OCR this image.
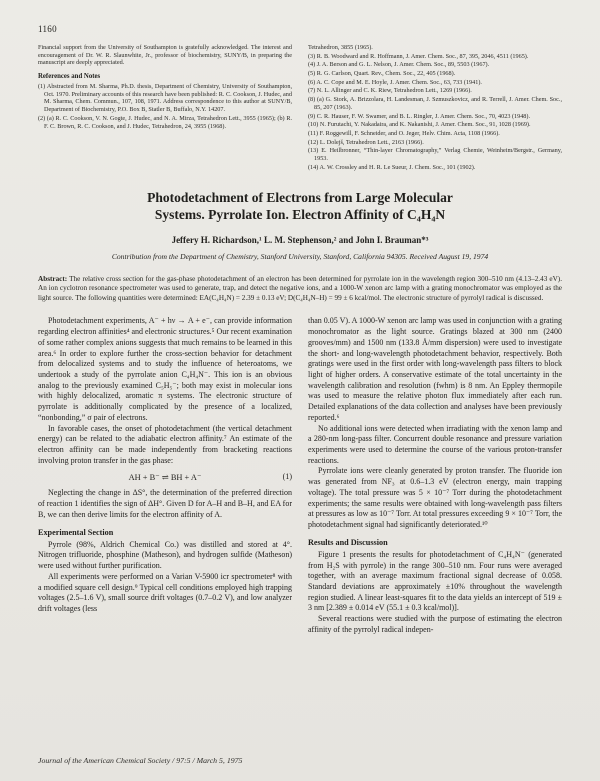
1160
Financial support from the University of Southampton is gratefully acknowledged. The interest and encouragement of Dr. W. R. Slaunwhite, Jr., professor of biochemistry, SUNY/B, in preparing the manuscript are deeply appreciated.
References and Notes
(1) Abstracted from M. Sharma, Ph.D. thesis, Department of Chemistry, University of Southampton, Oct. 1970. Preliminary accounts of this research have been published: R. C. Cookson, J. Hudec, and M. Sharma, Chem. Commun., 107, 108, 1971. Address correspondence to this author at SUNY/B, Department of Biochemistry, P.O. Box B, Statler B, Buffalo, N.Y. 14207.
(2) (a) R. C. Cookson, V. N. Gogte, J. Hudec, and N. A. Mirza, Tetrahedron Lett., 3955 (1965); (b) R. F. C. Brown, R. C. Cookson, and J. Hudec, Tetrahedron, 24, 3955 (1968).
Tetrahedron, 3855 (1965).
(3) R. B. Woodward and R. Hoffmann, J. Amer. Chem. Soc., 87, 395, 2046, 4511 (1965).
(4) J. A. Berson and G. L. Nelson, J. Amer. Chem. Soc., 89, 5503 (1967).
(5) R. G. Carlson, Quart. Rev., Chem. Soc., 22, 405 (1968).
(6) A. C. Cope and M. E. Hoyle, J. Amer. Chem. Soc., 63, 733 (1941).
(7) N. L. Allinger and C. K. Riew, Tetrahedron Lett., 1269 (1966).
(8) (a) G. Stork, A. Brizzolara, H. Landesman, J. Szmuszkovicz, and R. Terrell, J. Amer. Chem. Soc., 85, 207 (1963).
(9) C. R. Hauser, F. W. Swamer, and B. L. Ringler, J. Amer. Chem. Soc., 70, 4023 (1948).
(10) N. Furutachi, Y. Nakadaira, and K. Nakanishi, J. Amer. Chem. Soc., 91, 1028 (1969).
(11) F. Roggewill, F. Schneider, and O. Jeger, Helv. Chim. Acta, 1108 (1966).
(12) L. Dolejš, Tetrahedron Lett., 2163 (1966).
(13) E. Heilbronner, “Thin-layer Chromatography,” Verlag Chemie, Weinheim/Bergstr., Germany, 1953.
(14) A. W. Crossley and H. R. Le Sueur, J. Chem. Soc., 101 (1902).
Photodetachment of Electrons from Large Molecular
Systems. Pyrrolate Ion. Electron Affinity of C₄H₄N
Jeffery H. Richardson,¹ L. M. Stephenson,² and John I. Brauman*³
Contribution from the Department of Chemistry, Stanford University, Stanford, California 94305. Received August 19, 1974
Abstract: The relative cross section for the gas-phase photodetachment of an electron has been determined for pyrrolate ion in the wavelength region 300–510 nm (4.13–2.43 eV). An ion cyclotron resonance spectrometer was used to generate, trap, and detect the negative ions, and a 1000-W xenon arc lamp with a grating monochromator was employed as the light source. The following quantities were determined: EA(C₄H₄N) = 2.39 ± 0.13 eV; D(C₄H₄N–H) = 99 ± 6 kcal/mol. The electronic structure of pyrrolyl radical is discussed.

Photodetachment experiments, A⁻ + hν → A + e⁻, can provide information regarding electron affinities⁴ and electronic structures.⁵ Our recent examination of some rather complex anions suggests that much remains to be learned in this area.⁶ In order to explore further the cross-section behavior for detachment from delocalized systems and to study the influence of heteroatoms, we undertook a study of the pyrrolate anion C₄H₄N⁻. This ion is an obvious analog to the previously examined C₅H₅⁻; both may exist in molecular ions with highly delocalized, aromatic π systems. The electronic structure of pyrrolate is additionally complicated by the presence of a localized, “nonbonding,” σ pair of electrons.

In favorable cases, the onset of photodetachment (the vertical detachment energy) can be related to the adiabatic electron affinity.⁷ An estimate of the electron affinity can be made independently from bracketing reactions involving proton transfer in the gas phase:

AH + B⁻ ⇌ BH + A⁻	(1)

Neglecting the change in ΔS°, the determination of the preferred direction of reaction 1 identifies the sign of ΔH°. Given D for A–H and B–H, and EA for B, we can then derive limits for the electron affinity of A.

Experimental Section

Pyrrole (98%, Aldrich Chemical Co.) was distilled and stored at 4°. Nitrogen trifluoride, phosphine (Matheson), and hydrogen sulfide (Matheson) were used without further purification.

All experiments were performed on a Varian V-5900 icr spectrometer⁸ with a modified square cell design.⁹ Typical cell conditions employed high trapping voltages (2.5–1.6 V), small source drift voltages (0.7–0.2 V), and low analyzer drift voltages (less

than 0.05 V). A 1000-W xenon arc lamp was used in conjunction with a grating monochromator as the light source. Gratings blazed at 300 nm (2400 grooves/mm) and 1500 nm (133.8 Å/mm dispersion) were used to investigate the short- and long-wavelength photodetachment behavior, respectively. Both gratings were used in the first order with long-wavelength pass filters to block light of higher orders. A conservative estimate of the total uncertainty in the wavelength calibration and resolution (fwhm) is 8 nm. An Eppley thermopile was used to measure the relative photon flux immediately after each run. Detailed explanations of the data collection and analyses have been previously reported.⁶

No additional ions were detected when irradiating with the xenon lamp and a 280-nm long-pass filter. Concurrent double resonance and pressure variation experiments were used to determine the course of the various proton-transfer reactions.

Pyrrolate ions were cleanly generated by proton transfer. The fluoride ion was generated from NF₃ at 0.6–1.3 eV (electron energy, main trapping voltage). The total pressure was 5 × 10⁻⁷ Torr during the photodetachment experiments; the same results were obtained with long-wavelength pass filters at pressures as low as 10⁻⁷ Torr. At total pressures exceeding 9 × 10⁻⁷ Torr, the photodetachment signal had significantly deteriorated.¹⁰

Results and Discussion

Figure 1 presents the results for photodetachment of C₄H₄N⁻ (generated from H₂S with pyrrole) in the range 300–510 nm. Four runs were averaged together, with an average maximum fractional signal decrease of 0.058. Standard deviations are approximately ±10% throughout the wavelength region studied. A linear least-squares fit to the data yields an intercept of 519 ± 3 nm [2.389 ± 0.014 eV (55.1 ± 0.3 kcal/mol)].

Several reactions were studied with the purpose of estimating the electron affinity of the pyrrolyl radical indepen-

Journal of the American Chemical Society / 97:5 / March 5, 1975
